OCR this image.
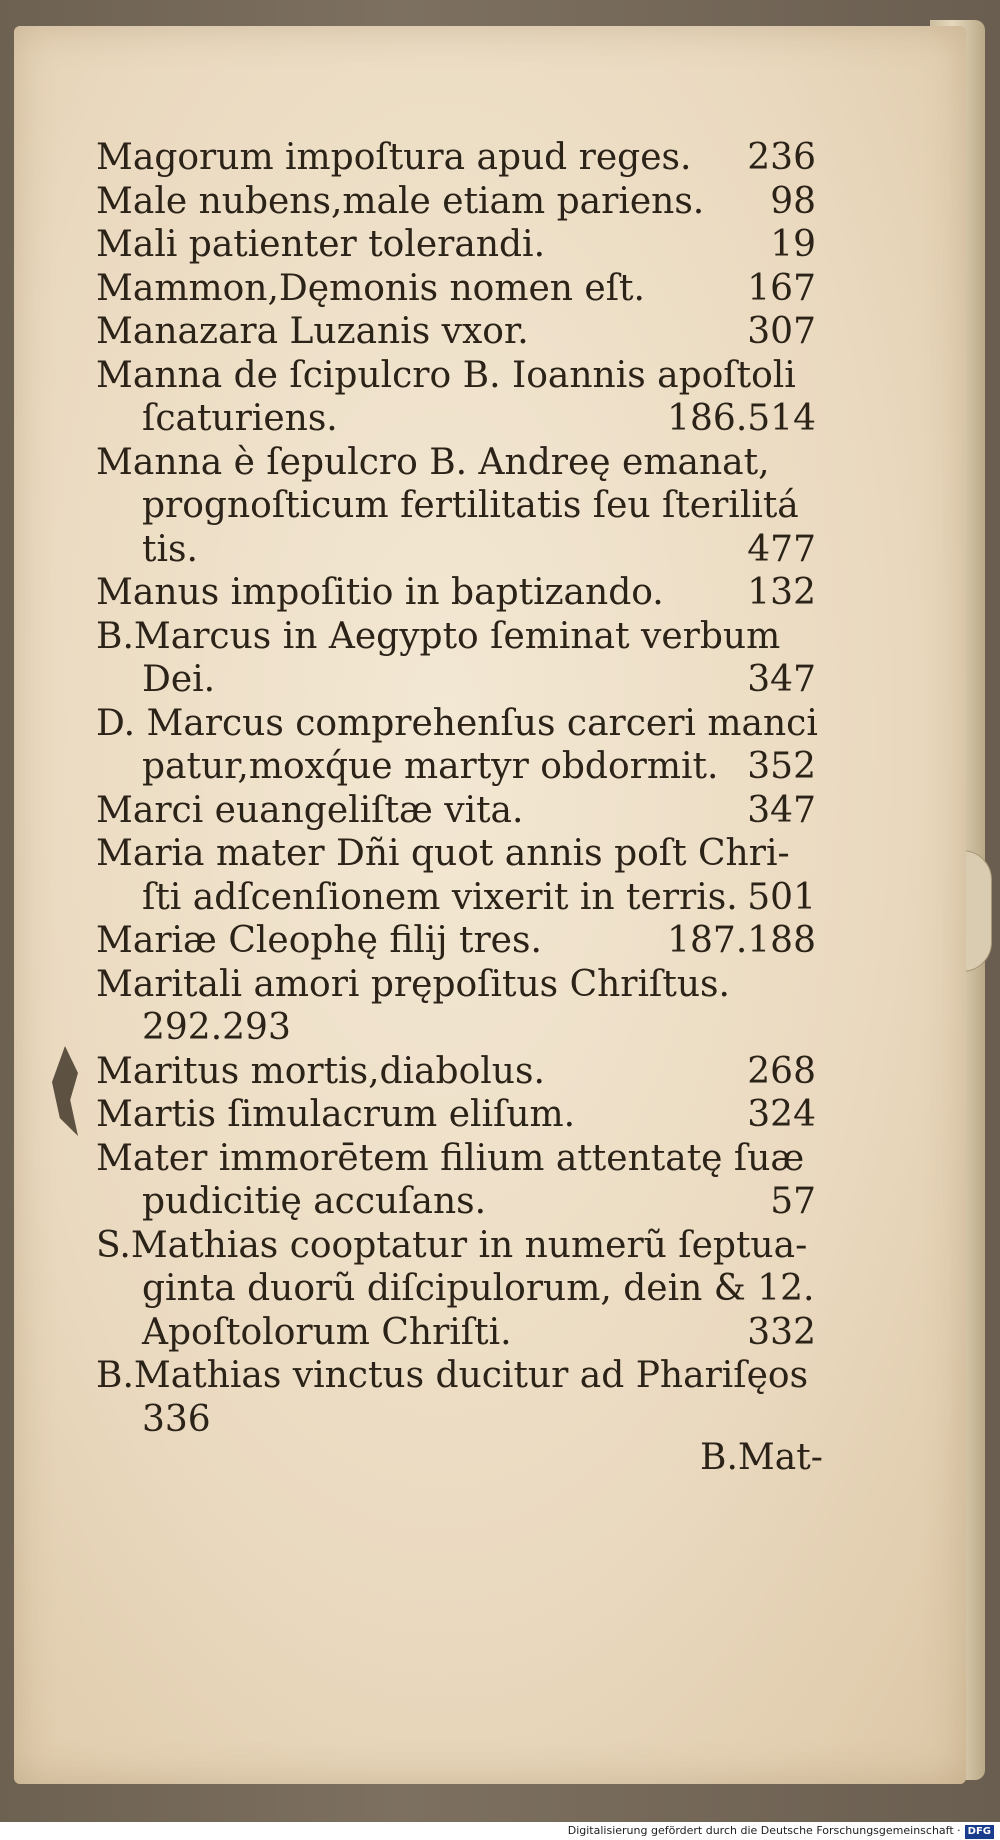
Magorum impoſtura apud reges. 236
Male nubens,male etiam pariens. 98
Mali patienter tolerandi.	19
Mammon,Dęmonis nomen eſt.	167
Manazara Luzanis vxor.	307
Manna de ſcipulcro B. Ioannis apoſtoli
ſcaturiens.	186.514
Manna è ſepulcro B. Andreę emanat,
prognoſticum fertilitatis ſeu ſterilitá
tis.	477
Manus impoſitio in baptizando. 132
B.Marcus in Aegypto ſeminat verbum
Dei.	347
D. Marcus comprehenſus carceri manci
patur,moxq́ue martyr obdormit. 352
Marci euangeliſtæ vita.	347
Maria mater Dñi quot annis poſt Chri-
ſti adſcenſionem vixerit in terris. 501
Mariæ Cleophę filij tres.	187.188
Maritali amori prępoſitus Chriſtus.
292.293
Maritus mortis,diabolus.	268
Martis ſimulacrum eliſum.	324
Mater immorētem filium attentatę ſuæ
pudicitię accuſans.	57
S.Mathias cooptatur in numerũ ſeptua-
ginta duorũ diſcipulorum, dein & 12.
Apoſtolorum Chriſti.	332
B.Mathias vinctus ducitur ad Phariſęos
336
B.Mat-
Digitalisierung gefördert durch die Deutsche Forschungsgemeinschaft · DFG
